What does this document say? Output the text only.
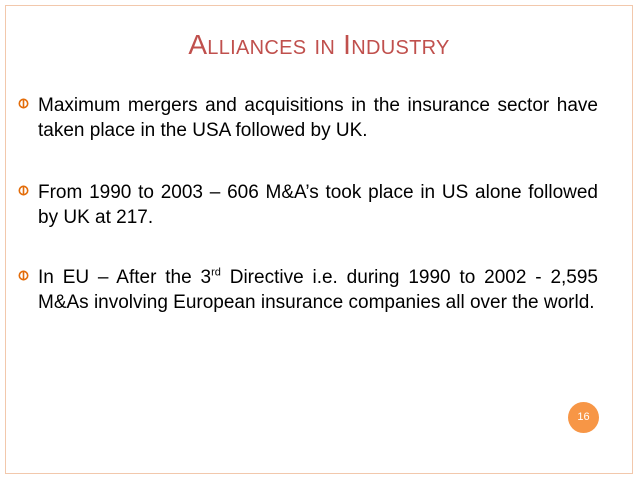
Alliances in Industry
Maximum mergers and acquisitions in the insurance sector have taken place in the USA followed by UK.
From 1990 to 2003 – 606 M&A’s took place in US alone followed by UK at 217.
In EU – After the 3rd Directive i.e. during 1990 to 2002 - 2,595 M&As involving European insurance companies all over the world.
16
